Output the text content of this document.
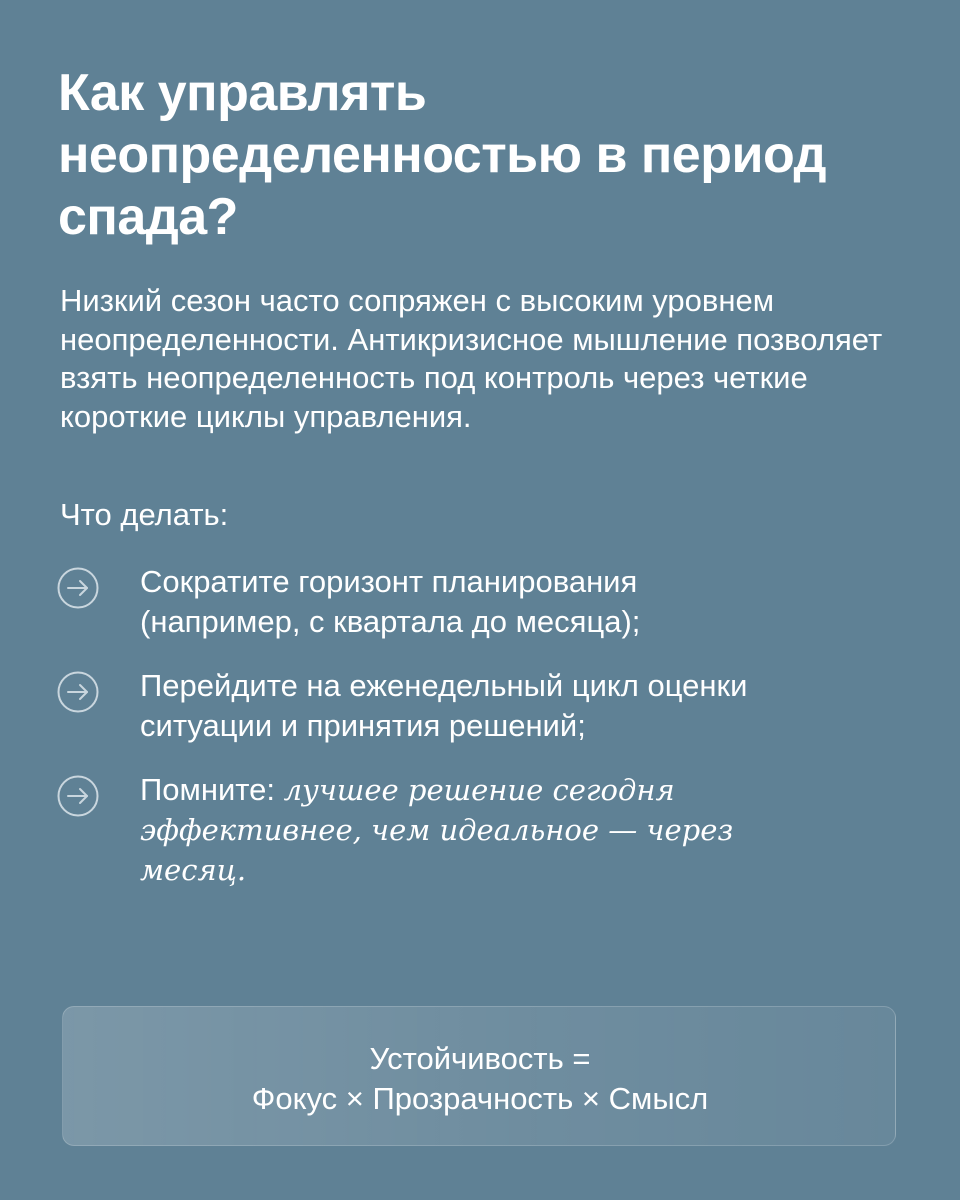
Как управлять неопределенностью в период спада?

Низкий сезон часто сопряжен с высоким уровнем неопределенности. Антикризисное мышление позволяет взять неопределенность под контроль через четкие короткие циклы управления.

Что делать:

Сократите горизонт планирования
(например, с квартала до месяца);
Перейдите на еженедельный цикл оценки
ситуации и принятия решений;
Помните: лучшее решение сегодня
эффективнее, чем идеальное — через
месяц.
Устойчивость =
Фокус × Прозрачность × Смысл
